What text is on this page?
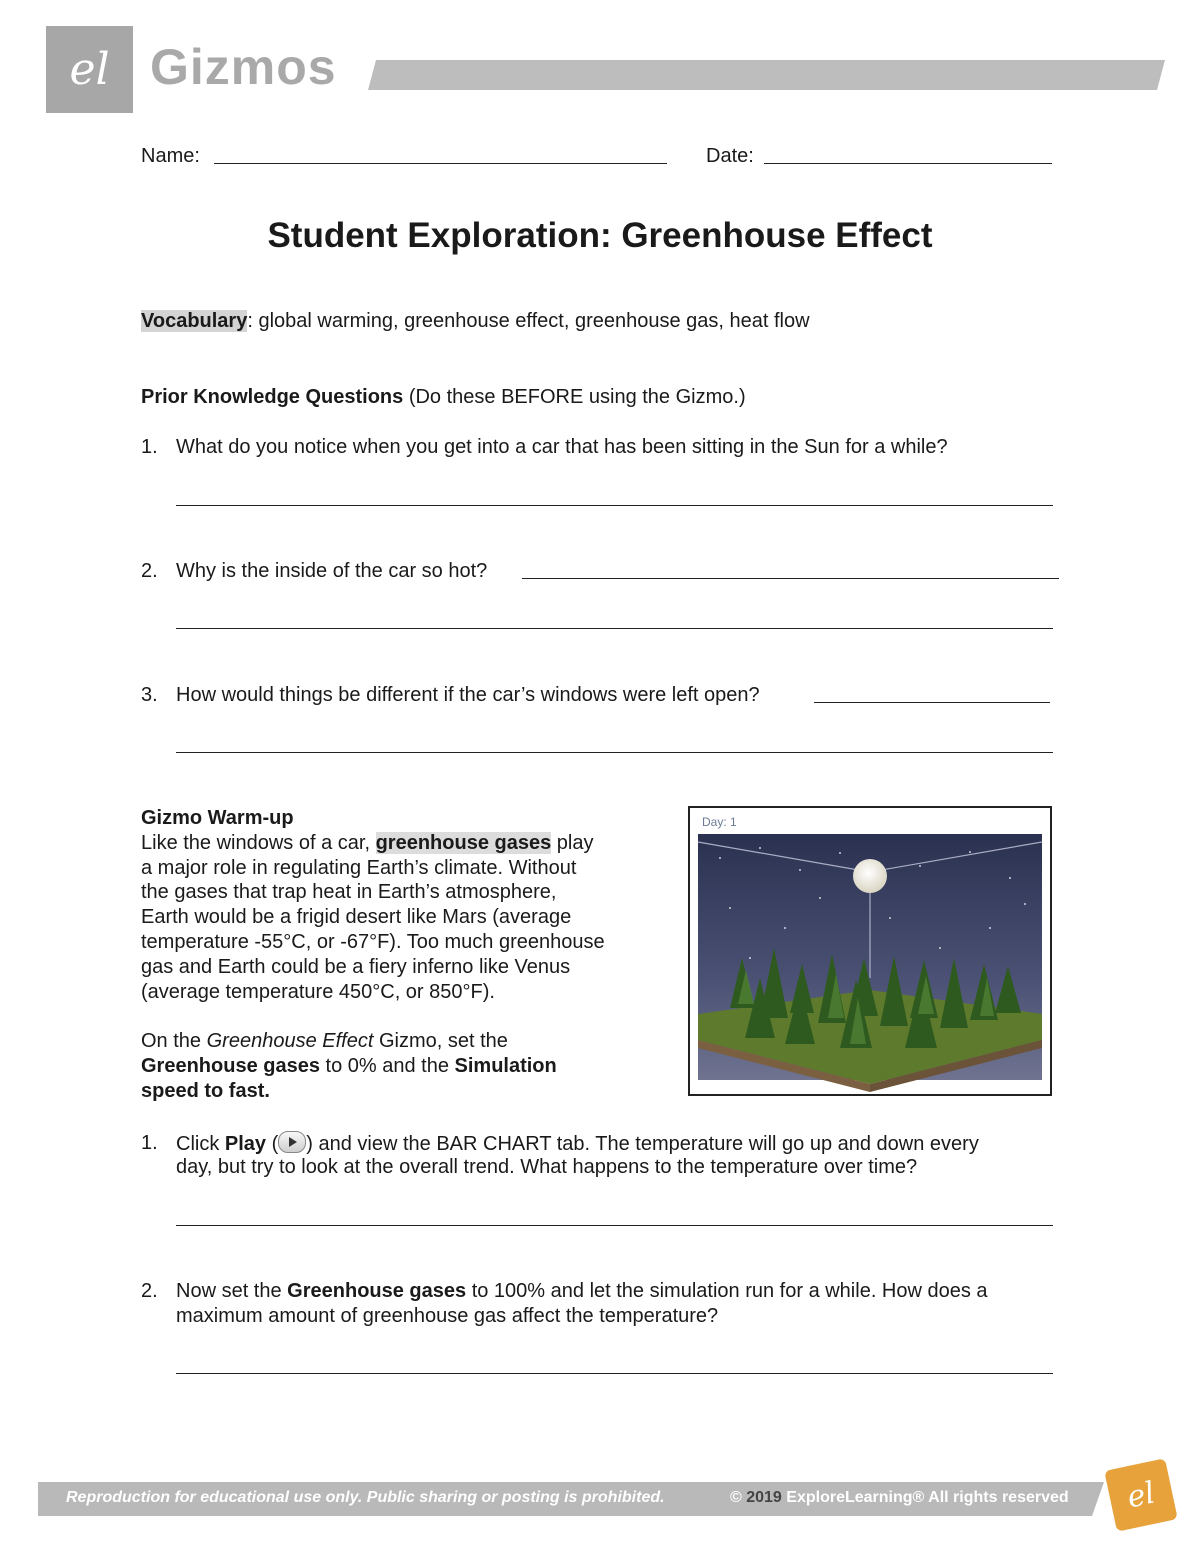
el Gizmos
Name:	Date:
Student Exploration: Greenhouse Effect
Vocabulary: global warming, greenhouse effect, greenhouse gas, heat flow
Prior Knowledge Questions (Do these BEFORE using the Gizmo.)
1. What do you notice when you get into a car that has been sitting in the Sun for a while?
2. Why is the inside of the car so hot?
3. How would things be different if the car’s windows were left open?
Gizmo Warm-up
Like the windows of a car, greenhouse gases play
a major role in regulating Earth’s climate. Without
the gases that trap heat in Earth’s atmosphere,
Earth would be a frigid desert like Mars (average
temperature -55°C, or -67°F). Too much greenhouse
gas and Earth could be a fiery inferno like Venus
(average temperature 450°C, or 850°F).
On the Greenhouse Effect Gizmo, set the
Greenhouse gases to 0% and the Simulation
speed to fast.
Day: 1
1. Click Play ( ) and view the BAR CHART tab. The temperature will go up and down every
day, but try to look at the overall trend. What happens to the temperature over time?
2. Now set the Greenhouse gases to 100% and let the simulation run for a while. How does a
maximum amount of greenhouse gas affect the temperature?
Reproduction for educational use only. Public sharing or posting is prohibited.	© 2019 ExploreLearning® All rights reserved el
